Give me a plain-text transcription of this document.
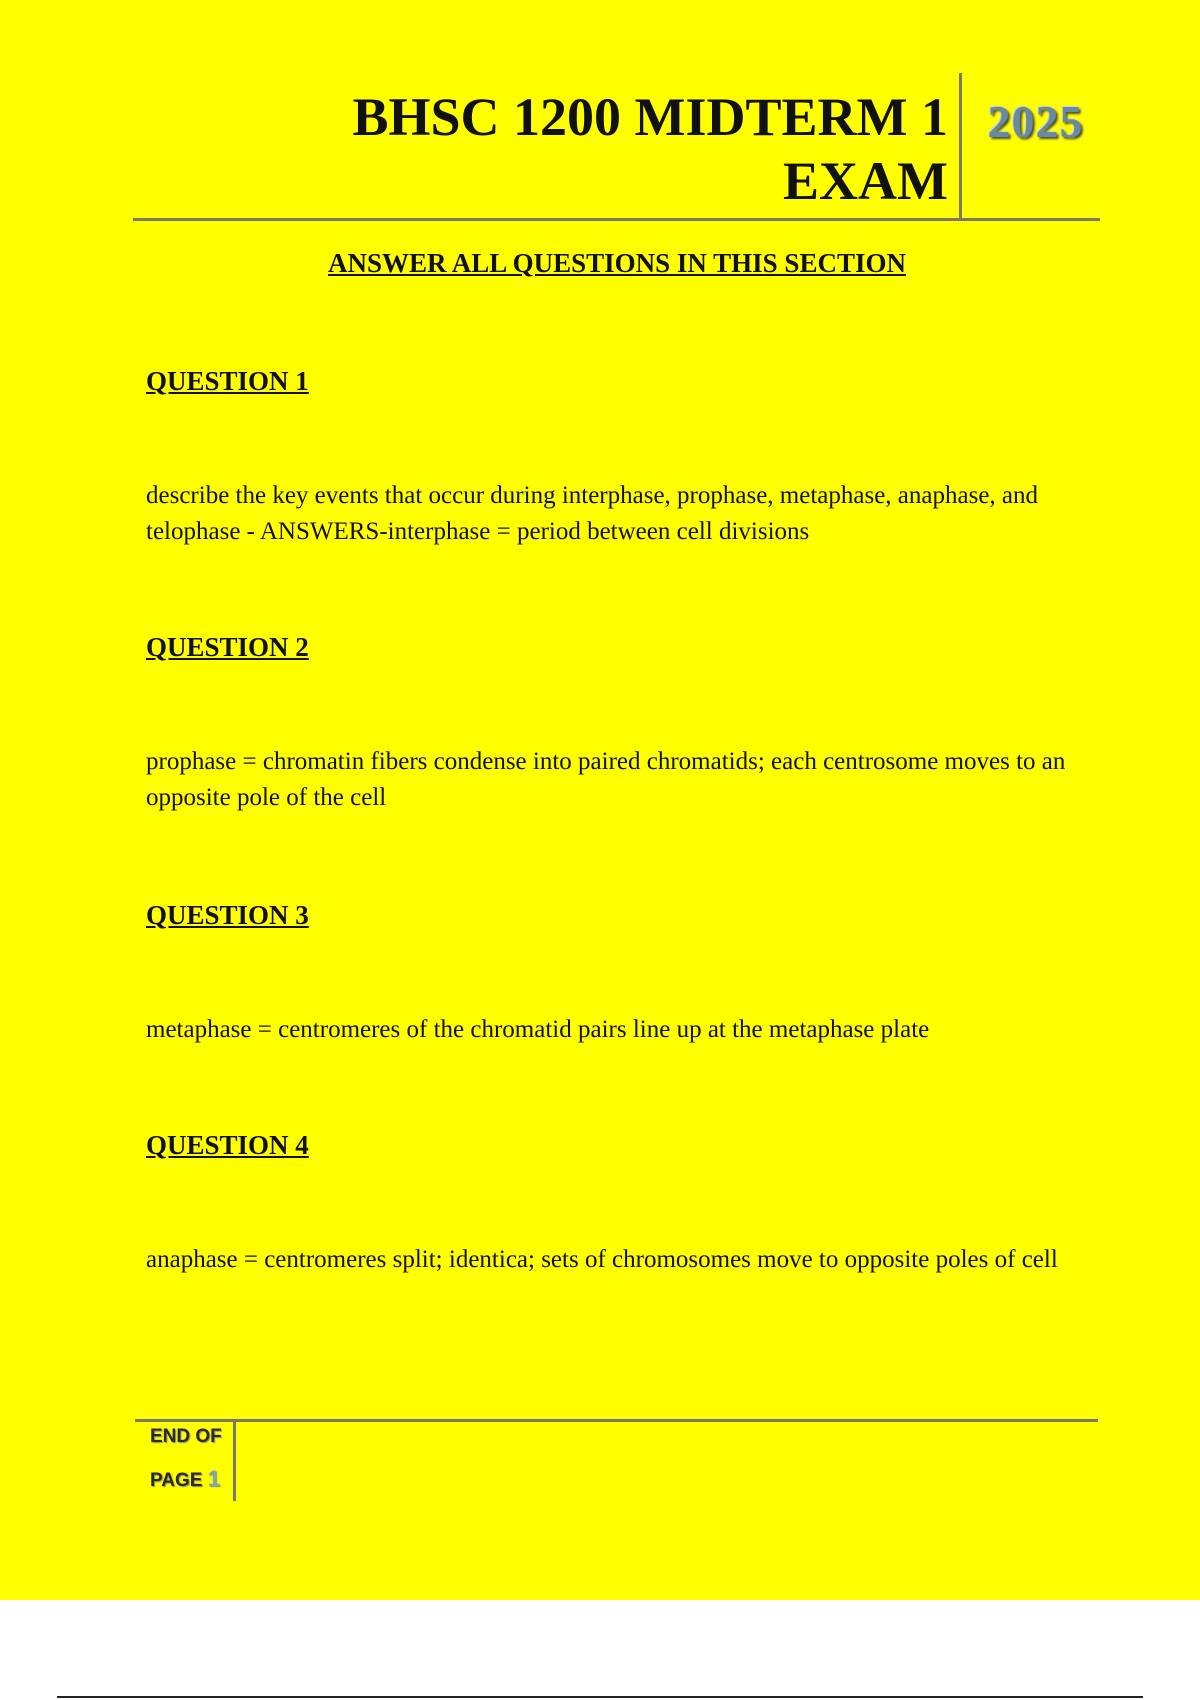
BHSC 1200 MIDTERM 1 EXAM
2025

ANSWER ALL QUESTIONS IN THIS SECTION

QUESTION 1

describe the key events that occur during interphase, prophase, metaphase, anaphase, and telophase - ANSWERS-interphase = period between cell divisions

QUESTION 2

prophase = chromatin fibers condense into paired chromatids; each centrosome moves to an opposite pole of the cell

QUESTION 3

metaphase = centromeres of the chromatid pairs line up at the metaphase plate

QUESTION 4

anaphase = centromeres split; identica; sets of chromosomes move to opposite poles of cell

END OF
PAGE 1
